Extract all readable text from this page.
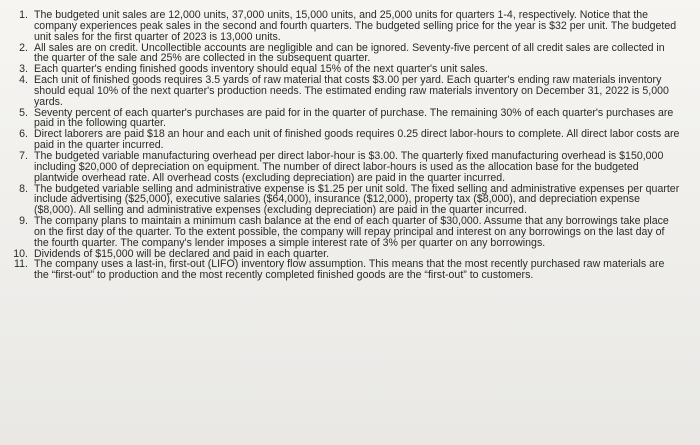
1. The budgeted unit sales are 12,000 units, 37,000 units, 15,000 units, and 25,000 units for quarters 1-4, respectively. Notice that the company experiences peak sales in the second and fourth quarters. The budgeted selling price for the year is $32 per unit. The budgeted unit sales for the first quarter of 2023 is 13,000 units.
2. All sales are on credit. Uncollectible accounts are negligible and can be ignored. Seventy-five percent of all credit sales are collected in the quarter of the sale and 25% are collected in the subsequent quarter.
3. Each quarter's ending finished goods inventory should equal 15% of the next quarter's unit sales.
4. Each unit of finished goods requires 3.5 yards of raw material that costs $3.00 per yard. Each quarter's ending raw materials inventory should equal 10% of the next quarter's production needs. The estimated ending raw materials inventory on December 31, 2022 is 5,000 yards.
5. Seventy percent of each quarter's purchases are paid for in the quarter of purchase. The remaining 30% of each quarter's purchases are paid in the following quarter.
6. Direct laborers are paid $18 an hour and each unit of finished goods requires 0.25 direct labor-hours to complete. All direct labor costs are paid in the quarter incurred.
7. The budgeted variable manufacturing overhead per direct labor-hour is $3.00. The quarterly fixed manufacturing overhead is $150,000 including $20,000 of depreciation on equipment. The number of direct labor-hours is used as the allocation base for the budgeted plantwide overhead rate. All overhead costs (excluding depreciation) are paid in the quarter incurred.
8. The budgeted variable selling and administrative expense is $1.25 per unit sold. The fixed selling and administrative expenses per quarter include advertising ($25,000), executive salaries ($64,000), insurance ($12,000), property tax ($8,000), and depreciation expense ($8,000). All selling and administrative expenses (excluding depreciation) are paid in the quarter incurred.
9. The company plans to maintain a minimum cash balance at the end of each quarter of $30,000. Assume that any borrowings take place on the first day of the quarter. To the extent possible, the company will repay principal and interest on any borrowings on the last day of the fourth quarter. The company's lender imposes a simple interest rate of 3% per quarter on any borrowings.
10. Dividends of $15,000 will be declared and paid in each quarter.
11. The company uses a last-in, first-out (LIFO) inventory flow assumption. This means that the most recently purchased raw materials are the “first-out” to production and the most recently completed finished goods are the “first-out” to customers.
